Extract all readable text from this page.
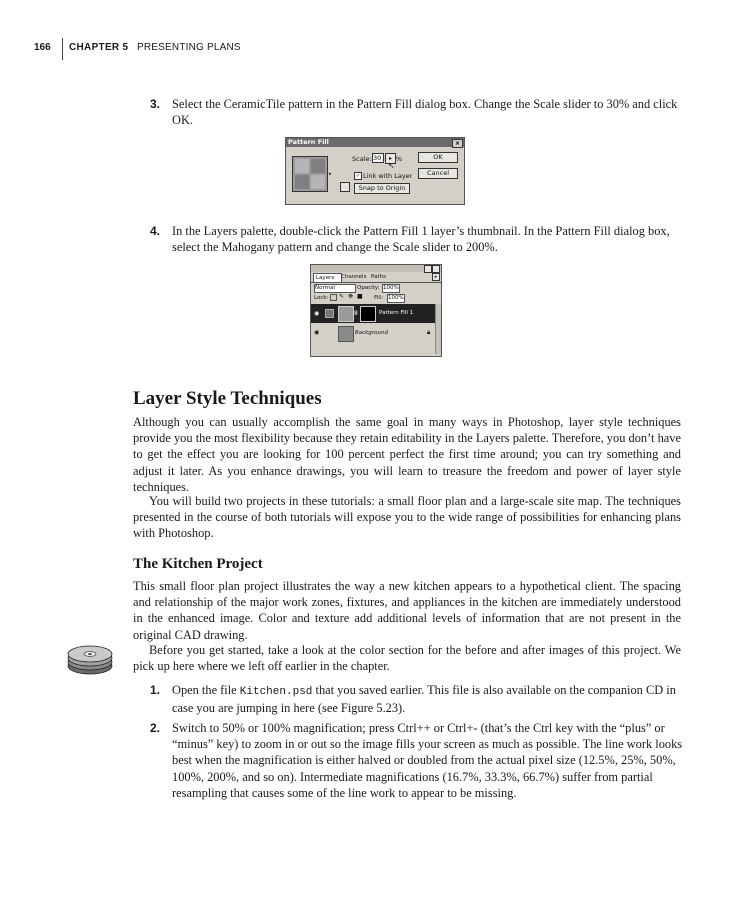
166 CHAPTER 5 PRESENTING PLANS
3. Select the CeramicTile pattern in the Pattern Fill dialog box. Change the Scale slider to 30% and click OK.
Pattern Fill	×
▸
Scale: 30	▸ %
↖
✓ Link with Layer
Snap to Origin
OK
Cancel
4. In the Layers palette, double-click the Pattern Fill 1 layer’s thumbnail. In the Pattern Fill dialog box, select the Mahogany pattern and change the Scale slider to 200%.
Layers	Channels Paths	▸
Normal	Opacity: 100%
Lock: ✎ ✥ ■ Fill: 100%
◉	8	Pattern Fill 1
◉	Background	🔒︎
Layer Style Techniques
Although you can usually accomplish the same goal in many ways in Photoshop, layer style techniques provide you the most flexibility because they retain editability in the Layers palette. Therefore, you don’t have to get the effect you are looking for 100 percent perfect the first time around; you can try something and adjust it later. As you enhance drawings, you will learn to treasure the freedom and power of layer style techniques.
You will build two projects in these tutorials: a small floor plan and a large-scale site map. The techniques presented in the course of both tutorials will expose you to the wide range of possibilities for enhancing plans with Photoshop.
The Kitchen Project
This small floor plan project illustrates the way a new kitchen appears to a hypothetical client. The spacing and relationship of the major work zones, fixtures, and appliances in the kitchen are immediately understood in the enhanced image. Color and texture add additional levels of information that are not present in the original CAD drawing.
Before you get started, take a look at the color section for the before and after images of this project. We pick up here where we left off earlier in the chapter.
1. Open the file Kitchen.psd that you saved earlier. This file is also available on the companion CD in case you are jumping in here (see Figure 5.23).
2. Switch to 50% or 100% magnification; press Ctrl++ or Ctrl+- (that’s the Ctrl key with the “plus” or “minus” key) to zoom in or out so the image fills your screen as much as possible. The line work looks best when the magnification is either halved or doubled from the actual pixel size (12.5%, 25%, 50%, 100%, 200%, and so on). Intermediate magnifications (16.7%, 33.3%, 66.7%) suffer from partial resampling that causes some of the line work to appear to be missing.
